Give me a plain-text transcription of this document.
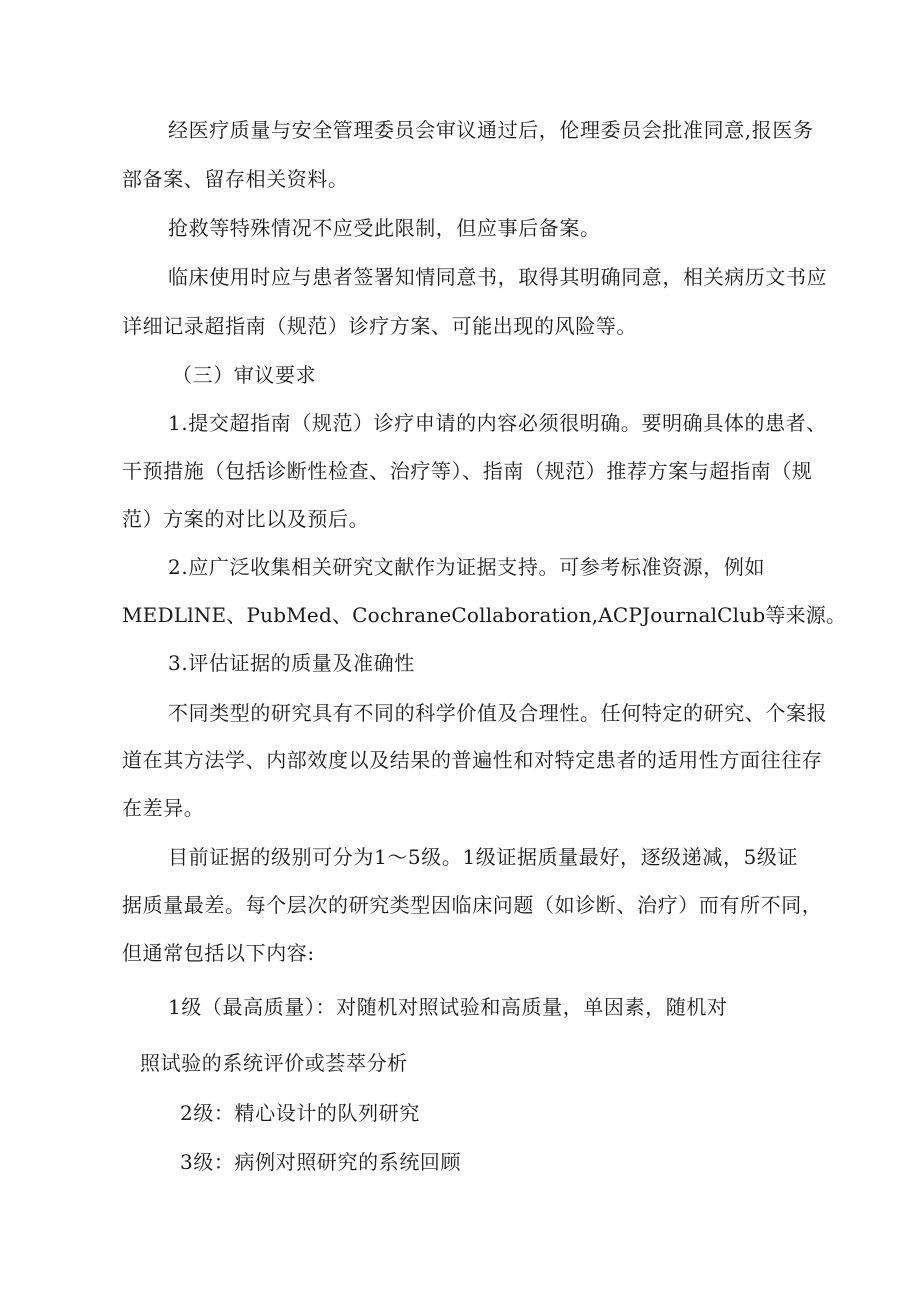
经医疗质量与安全管理委员会审议通过后，伦理委员会批准同意,报医务
部备案、留存相关资料。
抢救等特殊情况不应受此限制，但应事后备案。
临床使用时应与患者签署知情同意书，取得其明确同意，相关病历文书应
详细记录超指南（规范）诊疗方案、可能出现的风险等。
（三）审议要求
1.提交超指南（规范）诊疗申请的内容必须很明确。要明确具体的患者、
干预措施（包括诊断性检查、治疗等）、指南（规范）推荐方案与超指南（规
范）方案的对比以及预后。
2.应广泛收集相关研究文献作为证据支持。可参考标准资源，例如
MEDLlNE、PubMed、CochraneCollaboration,ACPJournalClub等来源。
3.评估证据的质量及准确性
不同类型的研究具有不同的科学价值及合理性。任何特定的研究、个案报
道在其方法学、内部效度以及结果的普遍性和对特定患者的适用性方面往往存
在差异。
目前证据的级别可分为1～5级。1级证据质量最好，逐级递减，5级证
据质量最差。每个层次的研究类型因临床问题（如诊断、治疗）而有所不同，
但通常包括以下内容:
1级（最高质量）：对随机对照试验和高质量，单因素，随机对
照试验的系统评价或荟萃分析
2级：精心设计的队列研究
3级：病例对照研究的系统回顾
